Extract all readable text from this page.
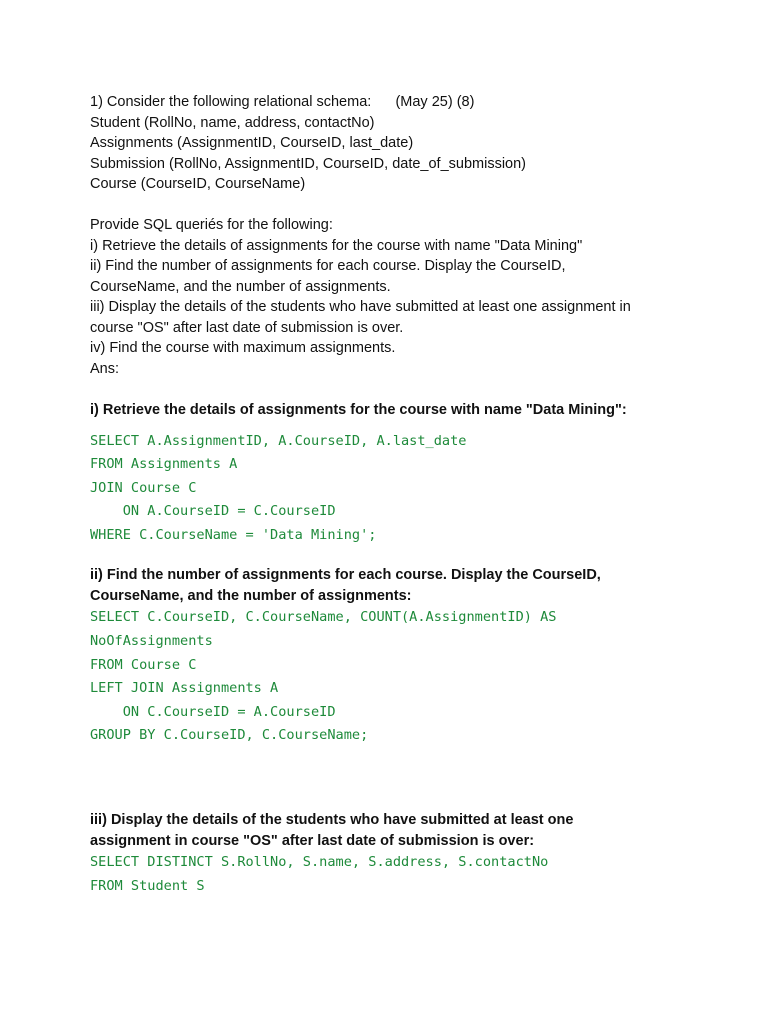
1) Consider the following relational schema:      (May 25) (8)
Student (RollNo, name, address, contactNo)
Assignments (AssignmentID, CourseID, last_date)
Submission (RollNo, AssignmentID, CourseID, date_of_submission)
Course (CourseID, CourseName)
Provide SQL queriés for the following:
i) Retrieve the details of assignments for the course with name "Data Mining"
ii) Find the number of assignments for each course. Display the CourseID,
CourseName, and the number of assignments.
iii) Display the details of the students who have submitted at least one assignment in
course "OS" after last date of submission is over.
iv) Find the course with maximum assignments.
Ans:
i) Retrieve the details of assignments for the course with name "Data Mining":
SELECT A.AssignmentID, A.CourseID, A.last_date
FROM Assignments A
JOIN Course C
ON A.CourseID = C.CourseID
WHERE C.CourseName = 'Data Mining';
ii) Find the number of assignments for each course. Display the CourseID,
CourseName, and the number of assignments:
SELECT C.CourseID, C.CourseName, COUNT(A.AssignmentID) AS
NoOfAssignments
FROM Course C
LEFT JOIN Assignments A
ON C.CourseID = A.CourseID
GROUP BY C.CourseID, C.CourseName;
iii) Display the details of the students who have submitted at least one
assignment in course "OS" after last date of submission is over:
SELECT DISTINCT S.RollNo, S.name, S.address, S.contactNo
FROM Student S
